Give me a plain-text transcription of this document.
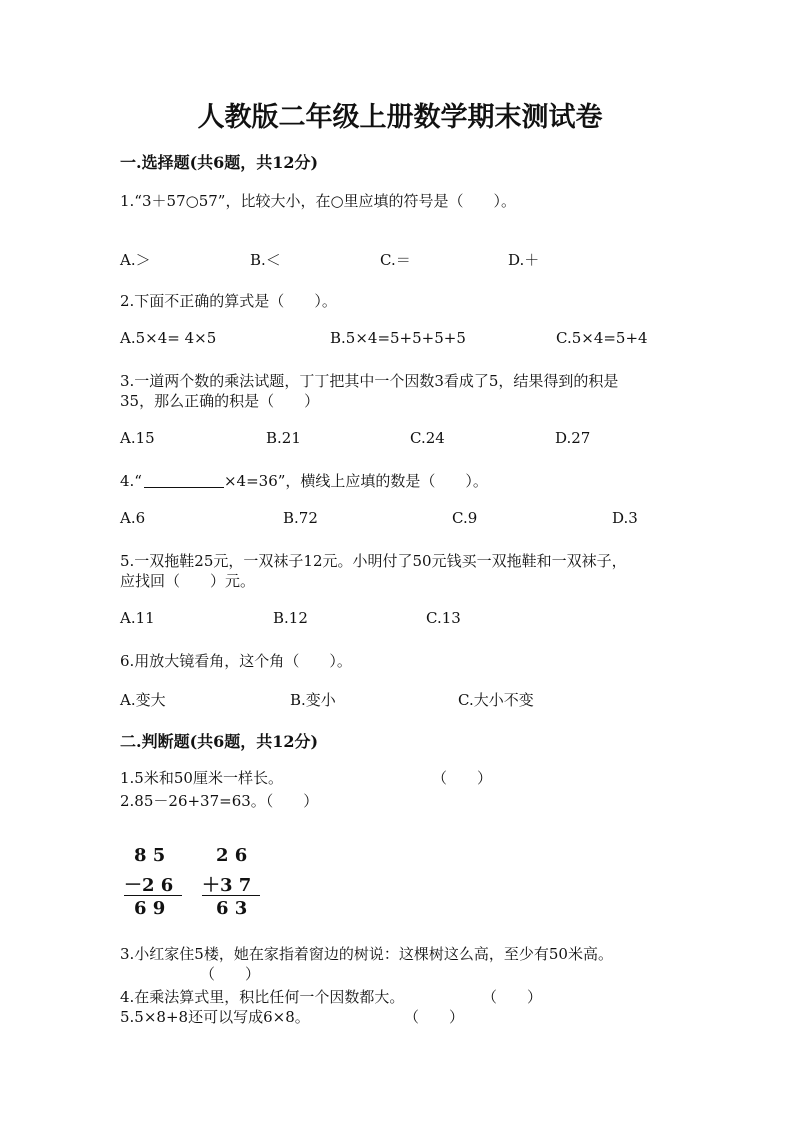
人教版二年级上册数学期末测试卷
一.选择题(共6题，共12分)
1.“3＋57○57”，比较大小，在○里应填的符号是（　　）。
A.＞	B.＜	C.＝	D.＋
2.下面不正确的算式是（　　）。
A.5×4= 4×5	B.5×4=5+5+5+5	C.5×4=5+4
3.一道两个数的乘法试题，丁丁把其中一个因数3看成了5，结果得到的积是
35，那么正确的积是（　　）
A.15	B.21	C.24	D.27
4.“	×4=36”，横线上应填的数是（　　）。
A.6	B.72	C.9	D.3
5.一双拖鞋25元，一双袜子12元。小明付了50元钱买一双拖鞋和一双袜子，
应找回（　　）元。
A.11	B.12	C.13
6.用放大镜看角，这个角（　　）。
A.变大	B.变小	C.大小不变
二.判断题(共6题，共12分)
1.5米和50厘米一样长。	（　　）
2.85－26+37=63。（　　）
8 5
－2 6
6 9
2 6
＋3 7
6 3
3.小红家住5楼，她在家指着窗边的树说：这棵树这么高，至少有50米高。
（　　）
4.在乘法算式里，积比任何一个因数都大。	（　　）
5.5×8+8还可以写成6×8。	（　　）
